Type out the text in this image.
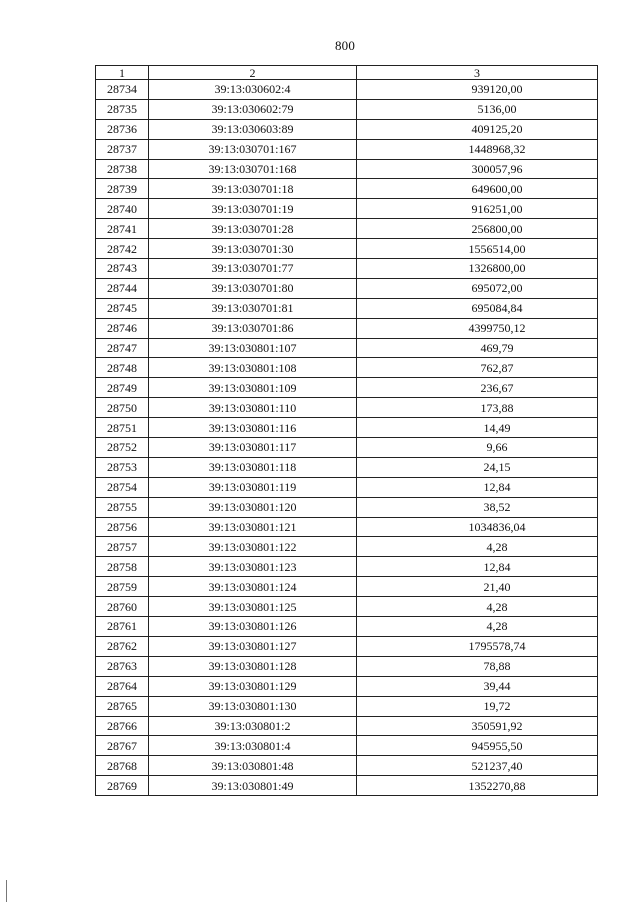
800
1	2	3
28734	39:13:030602:4	939120,00
28735	39:13:030602:79	5136,00
28736	39:13:030603:89	409125,20
28737	39:13:030701:167	1448968,32
28738	39:13:030701:168	300057,96
28739	39:13:030701:18	649600,00
28740	39:13:030701:19	916251,00
28741	39:13:030701:28	256800,00
28742	39:13:030701:30	1556514,00
28743	39:13:030701:77	1326800,00
28744	39:13:030701:80	695072,00
28745	39:13:030701:81	695084,84
28746	39:13:030701:86	4399750,12
28747	39:13:030801:107	469,79
28748	39:13:030801:108	762,87
28749	39:13:030801:109	236,67
28750	39:13:030801:110	173,88
28751	39:13:030801:116	14,49
28752	39:13:030801:117	9,66
28753	39:13:030801:118	24,15
28754	39:13:030801:119	12,84
28755	39:13:030801:120	38,52
28756	39:13:030801:121	1034836,04
28757	39:13:030801:122	4,28
28758	39:13:030801:123	12,84
28759	39:13:030801:124	21,40
28760	39:13:030801:125	4,28
28761	39:13:030801:126	4,28
28762	39:13:030801:127	1795578,74
28763	39:13:030801:128	78,88
28764	39:13:030801:129	39,44
28765	39:13:030801:130	19,72
28766	39:13:030801:2	350591,92
28767	39:13:030801:4	945955,50
28768	39:13:030801:48	521237,40
28769	39:13:030801:49	1352270,88
